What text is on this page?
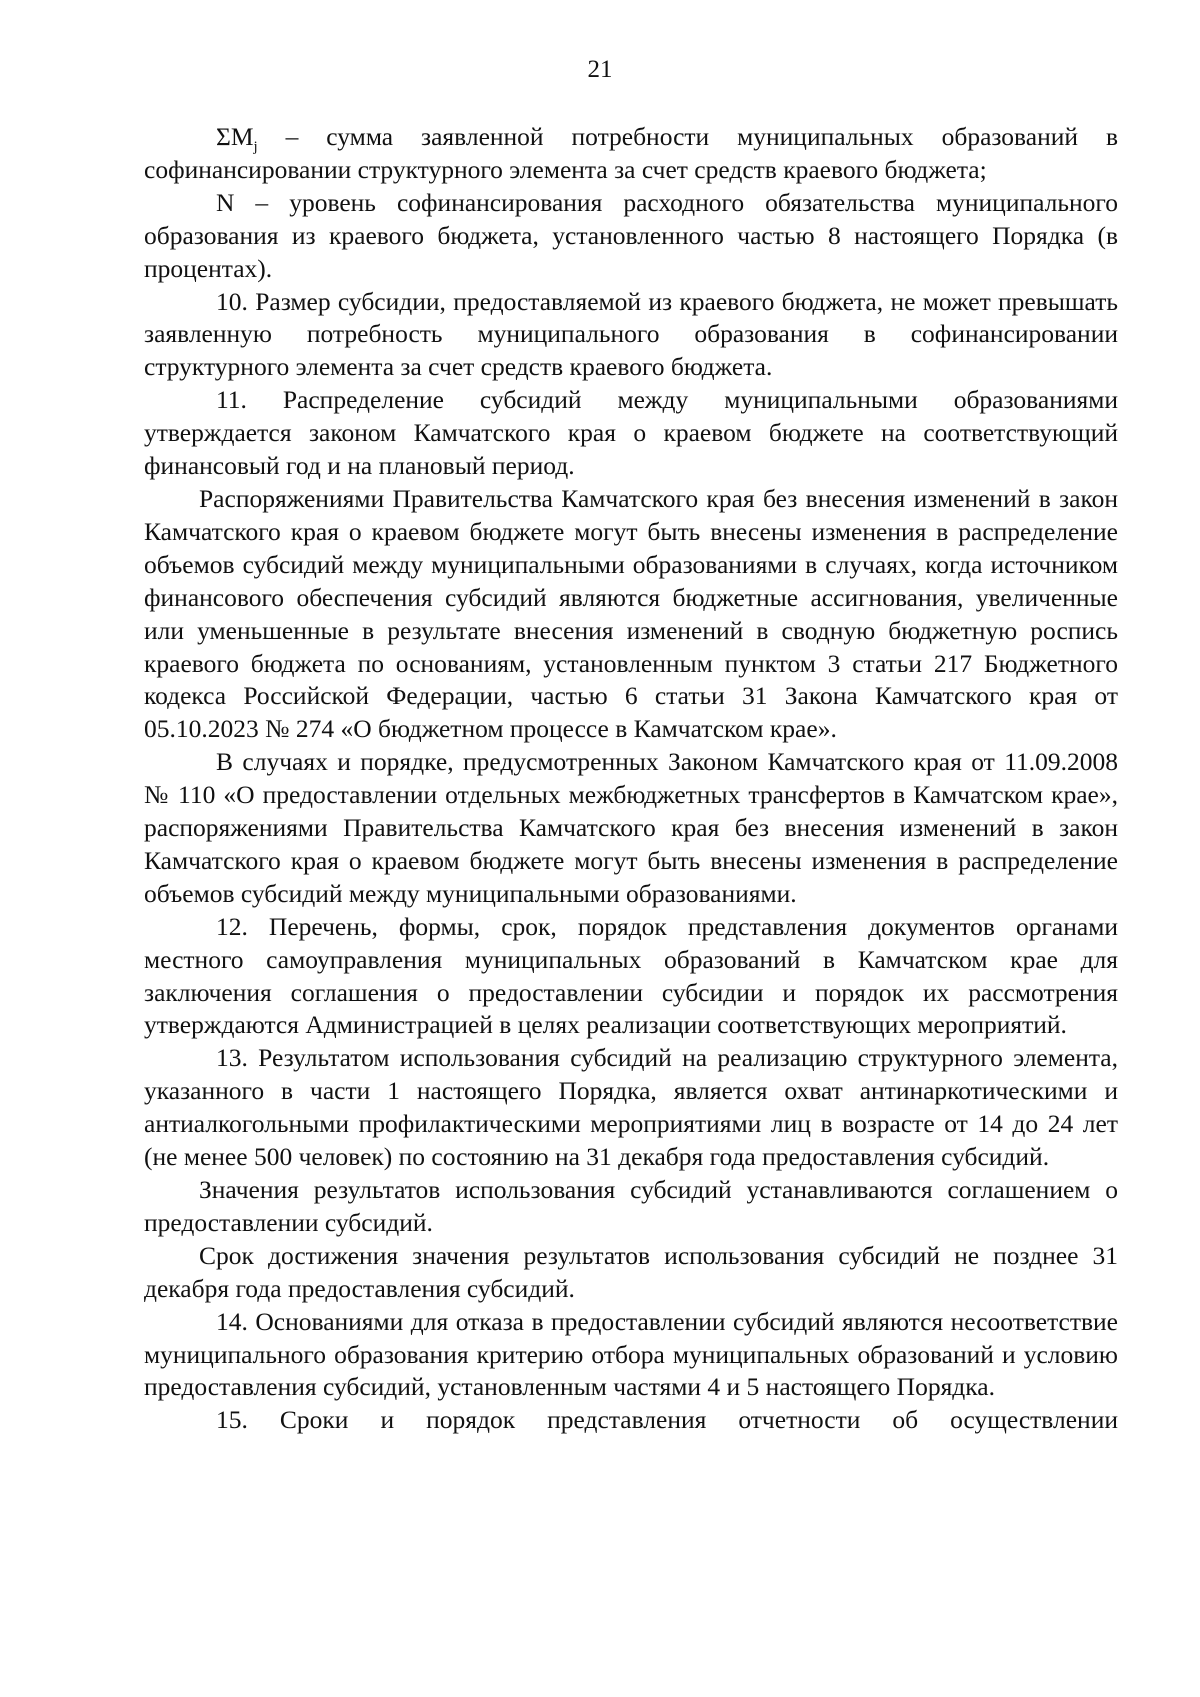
21

$\Sigma M_j$ – сумма заявленной потребности муниципальных образований в софинансировании структурного элемента за счет средств краевого бюджета;

N – уровень софинансирования расходного обязательства муниципального образования из краевого бюджета, установленного частью 8 настоящего Порядка (в процентах).

10. Размер субсидии, предоставляемой из краевого бюджета, не может превышать заявленную потребность муниципального образования в софинансировании структурного элемента за счет средств краевого бюджета.

11. Распределение субсидий между муниципальными образованиями утверждается законом Камчатского края о краевом бюджете на соответствующий финансовый год и на плановый период.

Распоряжениями Правительства Камчатского края без внесения изменений в закон Камчатского края о краевом бюджете могут быть внесены изменения в распределение объемов субсидий между муниципальными образованиями в случаях, когда источником финансового обеспечения субсидий являются бюджетные ассигнования, увеличенные или уменьшенные в результате внесения изменений в сводную бюджетную роспись краевого бюджета по основаниям, установленным пунктом 3 статьи 217 Бюджетного кодекса Российской Федерации, частью 6 статьи 31 Закона Камчатского края от 05.10.2023 № 274 «О бюджетном процессе в Камчатском крае».

В случаях и порядке, предусмотренных Законом Камчатского края от 11.09.2008 № 110 «О предоставлении отдельных межбюджетных трансфертов в Камчатском крае», распоряжениями Правительства Камчатского края без внесения изменений в закон Камчатского края о краевом бюджете могут быть внесены изменения в распределение объемов субсидий между муниципальными образованиями.

12. Перечень, формы, срок, порядок представления документов органами местного самоуправления муниципальных образований в Камчатском крае для заключения соглашения о предоставлении субсидии и порядок их рассмотрения утверждаются Администрацией в целях реализации соответствующих мероприятий.

13. Результатом использования субсидий на реализацию структурного элемента, указанного в части 1 настоящего Порядка, является охват антинаркотическими и антиалкогольными профилактическими мероприятиями лиц в возрасте от 14 до 24 лет (не менее 500 человек) по состоянию на 31 декабря года предоставления субсидий.

Значения результатов использования субсидий устанавливаются соглашением о предоставлении субсидий.

Срок достижения значения результатов использования субсидий не позднее 31 декабря года предоставления субсидий.

14. Основаниями для отказа в предоставлении субсидий являются несоответствие муниципального образования критерию отбора муниципальных образований и условию предоставления субсидий, установленным частями 4 и 5 настоящего Порядка.

15. Сроки и порядок представления отчетности об осуществлении
